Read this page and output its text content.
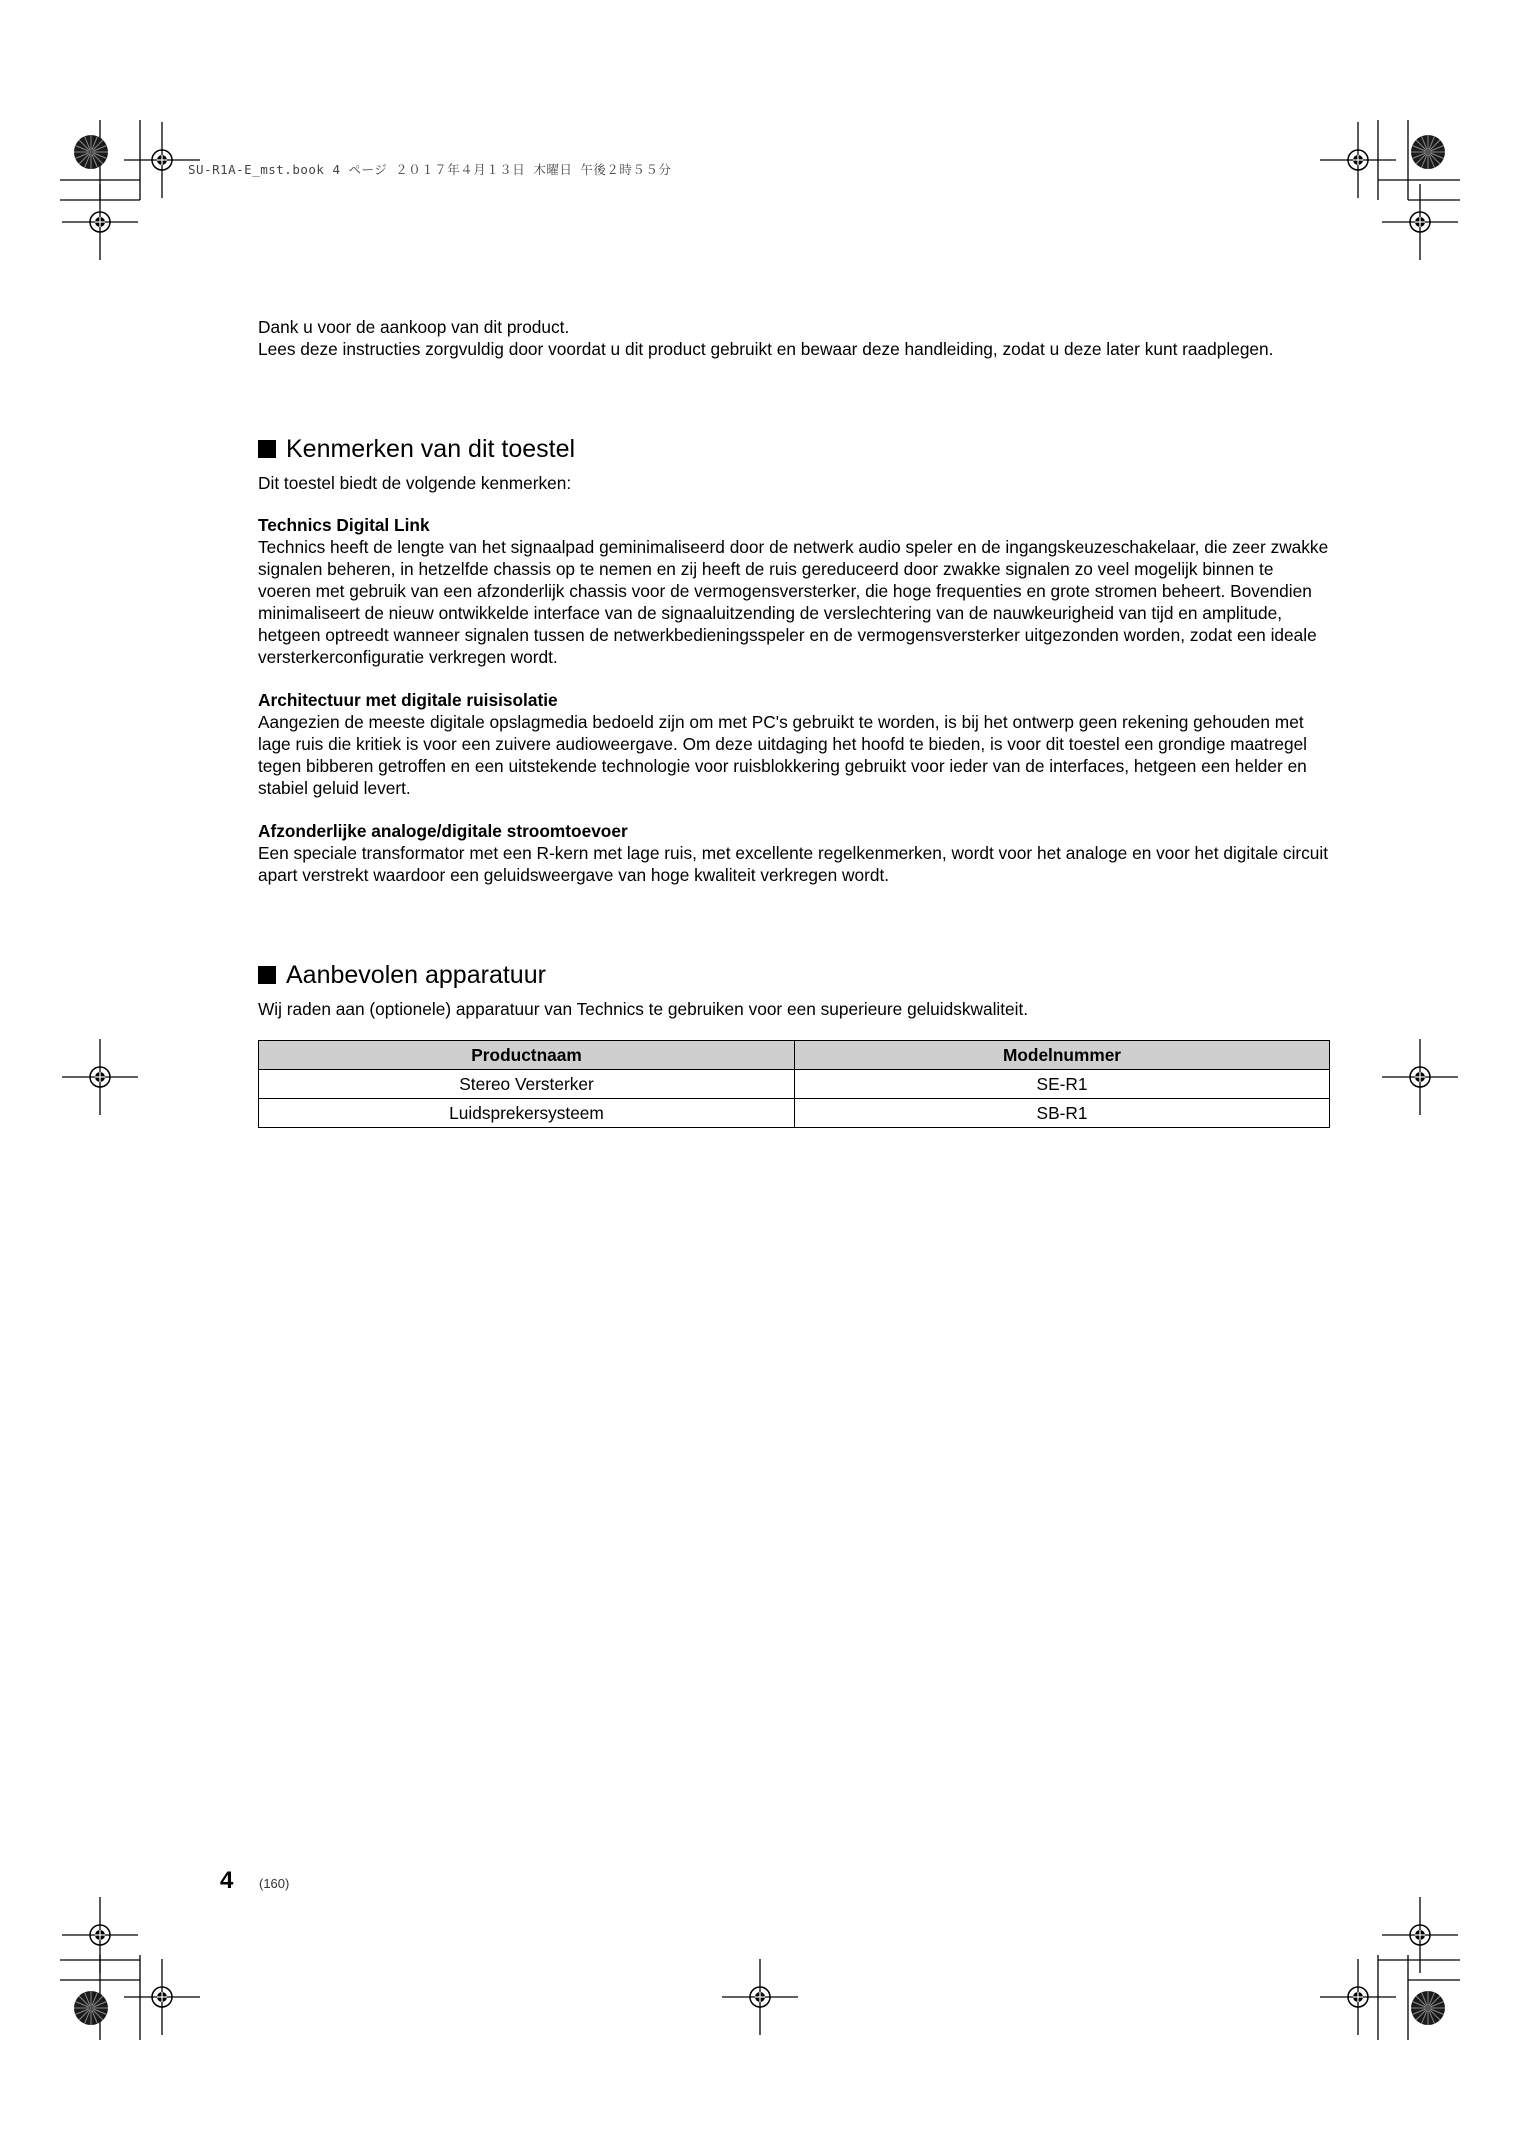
SU-R1A-E_mst.book 4 ページ ２０１７年４月１３日 木曜日 午後２時５５分

Dank u voor de aankoop van dit product.

Lees deze instructies zorgvuldig door voordat u dit product gebruikt en bewaar deze handleiding, zodat u deze later kunt raadplegen.

Kenmerken van dit toestel

Dit toestel biedt de volgende kenmerken:

Technics Digital Link

Technics heeft de lengte van het signaalpad geminimaliseerd door de netwerk audio speler en de ingangskeuzeschakelaar, die zeer zwakke signalen beheren, in hetzelfde chassis op te nemen en zij heeft de ruis gereduceerd door zwakke signalen zo veel mogelijk binnen te voeren met gebruik van een afzonderlijk chassis voor de vermogensversterker, die hoge frequenties en grote stromen beheert. Bovendien minimaliseert de nieuw ontwikkelde interface van de signaaluitzending de verslechtering van de nauwkeurigheid van tijd en amplitude, hetgeen optreedt wanneer signalen tussen de netwerkbedieningsspeler en de vermogensversterker uitgezonden worden, zodat een ideale versterkerconfiguratie verkregen wordt.

Architectuur met digitale ruisisolatie

Aangezien de meeste digitale opslagmedia bedoeld zijn om met PC's gebruikt te worden, is bij het ontwerp geen rekening gehouden met lage ruis die kritiek is voor een zuivere audioweergave. Om deze uitdaging het hoofd te bieden, is voor dit toestel een grondige maatregel tegen bibberen getroffen en een uitstekende technologie voor ruisblokkering gebruikt voor ieder van de interfaces, hetgeen een helder en stabiel geluid levert.

Afzonderlijke analoge/digitale stroomtoevoer

Een speciale transformator met een R-kern met lage ruis, met excellente regelkenmerken, wordt voor het analoge en voor het digitale circuit apart verstrekt waardoor een geluidsweergave van hoge kwaliteit verkregen wordt.

Aanbevolen apparatuur

Wij raden aan (optionele) apparatuur van Technics te gebruiken voor een superieure geluidskwaliteit.

Productnaam	Modelnummer
Stereo Versterker	SE-R1
Luidsprekersysteem	SB-R1
4 (160)
